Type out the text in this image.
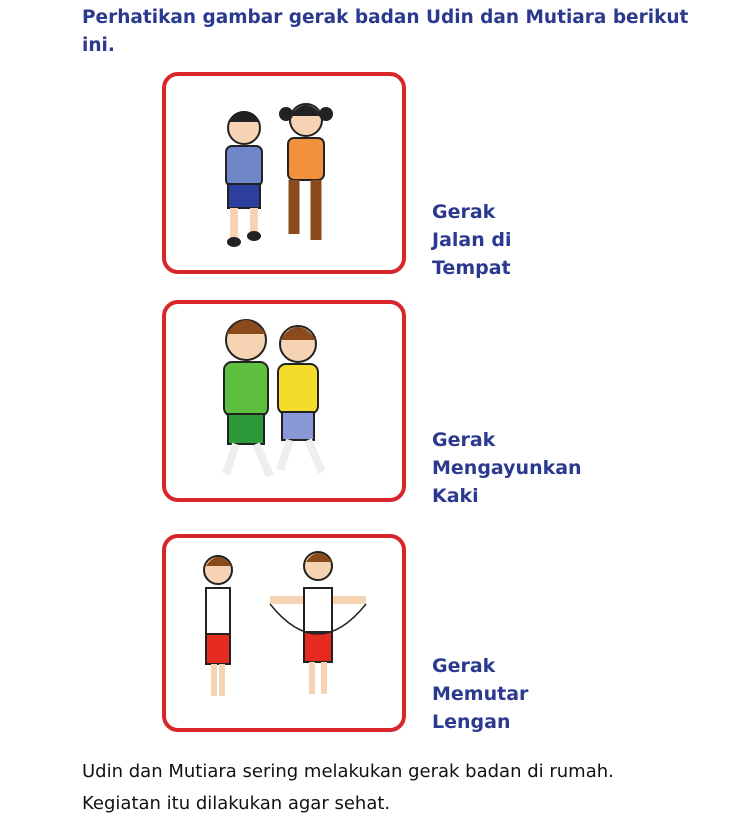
Perhatikan gambar gerak badan Udin dan Mutiara berikut ini.
Gerak
Jalan di
Tempat
Gerak
Mengayunkan
Kaki
Gerak
Memutar
Lengan
Udin dan Mutiara sering melakukan gerak badan di rumah.
Kegiatan itu dilakukan agar sehat.
